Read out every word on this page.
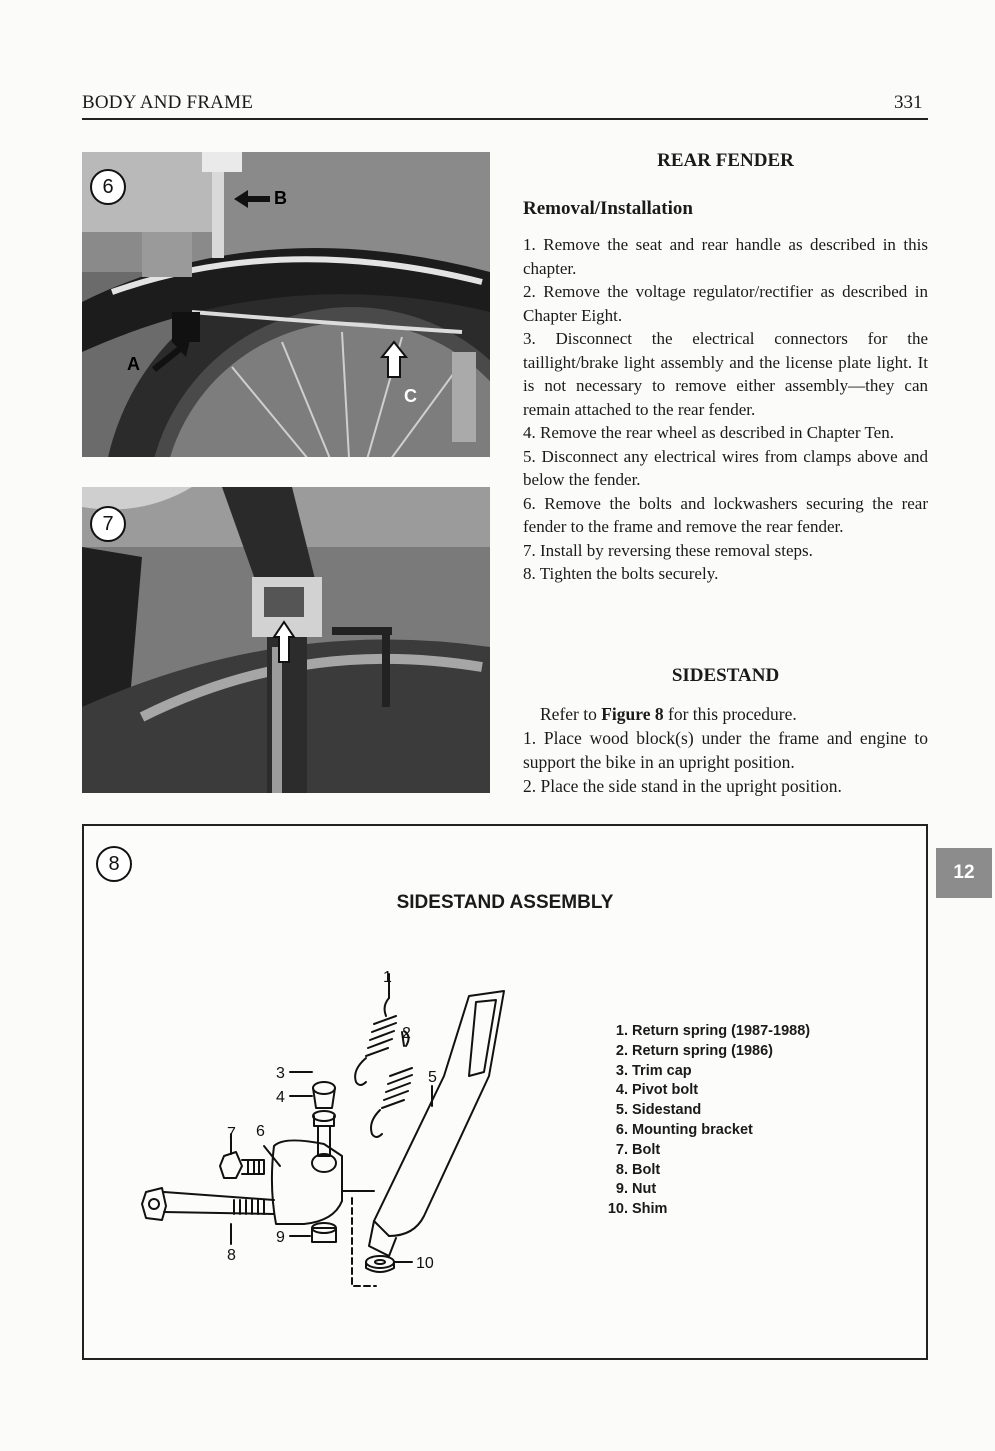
BODY AND FRAME	331
6	B
A
C
7
REAR FENDER
Removal/Installation

1. Remove the seat and rear handle as described in this chapter.

2. Remove the voltage regulator/rectifier as described in Chapter Eight.

3. Disconnect the electrical connectors for the taillight/brake light assembly and the license plate light. It is not necessary to remove either assembly—they can remain attached to the rear fender.

4. Remove the rear wheel as described in Chapter Ten.

5. Disconnect any electrical wires from clamps above and below the fender.

6. Remove the bolts and lockwashers securing the rear fender to the frame and remove the rear fender.

7. Install by reversing these removal steps.

8. Tighten the bolts securely.

SIDESTAND

Refer to Figure 8 for this procedure.

1. Place wood block(s) under the frame and engine to support the bike in an upright position.

2. Place the side stand in the upright position.

8
SIDESTAND ASSEMBLY
1
2
3
4
5
6
7
8
9
10
1. Return spring (1987-1988)
2. Return spring (1986)
3. Trim cap
4. Pivot bolt
5. Sidestand
6. Mounting bracket
7. Bolt
8. Bolt
9. Nut
10. Shim
12
